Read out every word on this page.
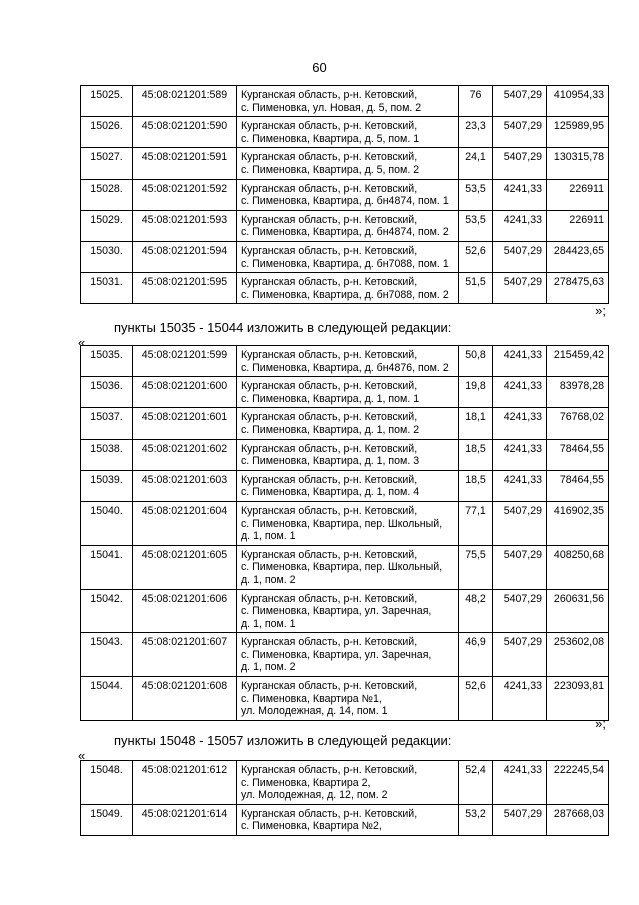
60
15025.	45:08:021201:589	Курганская область, р-н. Кетовский,
с. Пименовка, ул. Новая, д. 5, пом. 2	76	5407,29	410954,33
15026.	45:08:021201:590	Курганская область, р-н. Кетовский,
с. Пименовка, Квартира, д. 5, пом. 1	23,3	5407,29	125989,95
15027.	45:08:021201:591	Курганская область, р-н. Кетовский,
с. Пименовка, Квартира, д. 5, пом. 2	24,1	5407,29	130315,78
15028.	45:08:021201:592	Курганская область, р-н. Кетовский,
с. Пименовка, Квартира, д. бн4874, пом. 1	53,5	4241,33	226911
15029.	45:08:021201:593	Курганская область, р-н. Кетовский,
с. Пименовка, Квартира, д. бн4874, пом. 2	53,5	4241,33	226911
15030.	45:08:021201:594	Курганская область, р-н. Кетовский,
с. Пименовка, Квартира, д. бн7088, пом. 1	52,6	5407,29	284423,65
15031.	45:08:021201:595	Курганская область, р-н. Кетовский,
с. Пименовка, Квартира, д. бн7088, пом. 2	51,5	5407,29	278475,63
»;
пункты 15035 - 15044 изложить в следующей редакции:
«
15035.	45:08:021201:599	Курганская область, р-н. Кетовский,
с. Пименовка, Квартира, д. бн4876, пом. 2	50,8	4241,33	215459,42
15036.	45:08:021201:600	Курганская область, р-н. Кетовский,
с. Пименовка, Квартира, д. 1, пом. 1	19,8	4241,33	83978,28
15037.	45:08:021201:601	Курганская область, р-н. Кетовский,
с. Пименовка, Квартира, д. 1, пом. 2	18,1	4241,33	76768,02
15038.	45:08:021201:602	Курганская область, р-н. Кетовский,
с. Пименовка, Квартира, д. 1, пом. 3	18,5	4241,33	78464,55
15039.	45:08:021201:603	Курганская область, р-н. Кетовский,
с. Пименовка, Квартира, д. 1, пом. 4	18,5	4241,33	78464,55
15040.	45:08:021201:604	Курганская область, р-н. Кетовский,
с. Пименовка, Квартира, пер. Школьный,
д. 1, пом. 1	77,1	5407,29	416902,35
15041.	45:08:021201:605	Курганская область, р-н. Кетовский,
с. Пименовка, Квартира, пер. Школьный,
д. 1, пом. 2	75,5	5407,29	408250,68
15042.	45:08:021201:606	Курганская область, р-н. Кетовский,
с. Пименовка, Квартира, ул. Заречная,
д. 1, пом. 1	48,2	5407,29	260631,56
15043.	45:08:021201:607	Курганская область, р-н. Кетовский,
с. Пименовка, Квартира, ул. Заречная,
д. 1, пом. 2	46,9	5407,29	253602,08
15044.	45:08:021201:608	Курганская область, р-н. Кетовский,
с. Пименовка, Квартира №1,
ул. Молодежная, д. 14, пом. 1	52,6	4241,33	223093,81
»;
пункты 15048 - 15057 изложить в следующей редакции:
«
15048.	45:08:021201:612	Курганская область, р-н. Кетовский,
с. Пименовка, Квартира 2,
ул. Молодежная, д. 12, пом. 2	52,4	4241,33	222245,54
15049.	45:08:021201:614	Курганская область, р-н. Кетовский,
с. Пименовка, Квартира №2,	53,2	5407,29	287668,03
